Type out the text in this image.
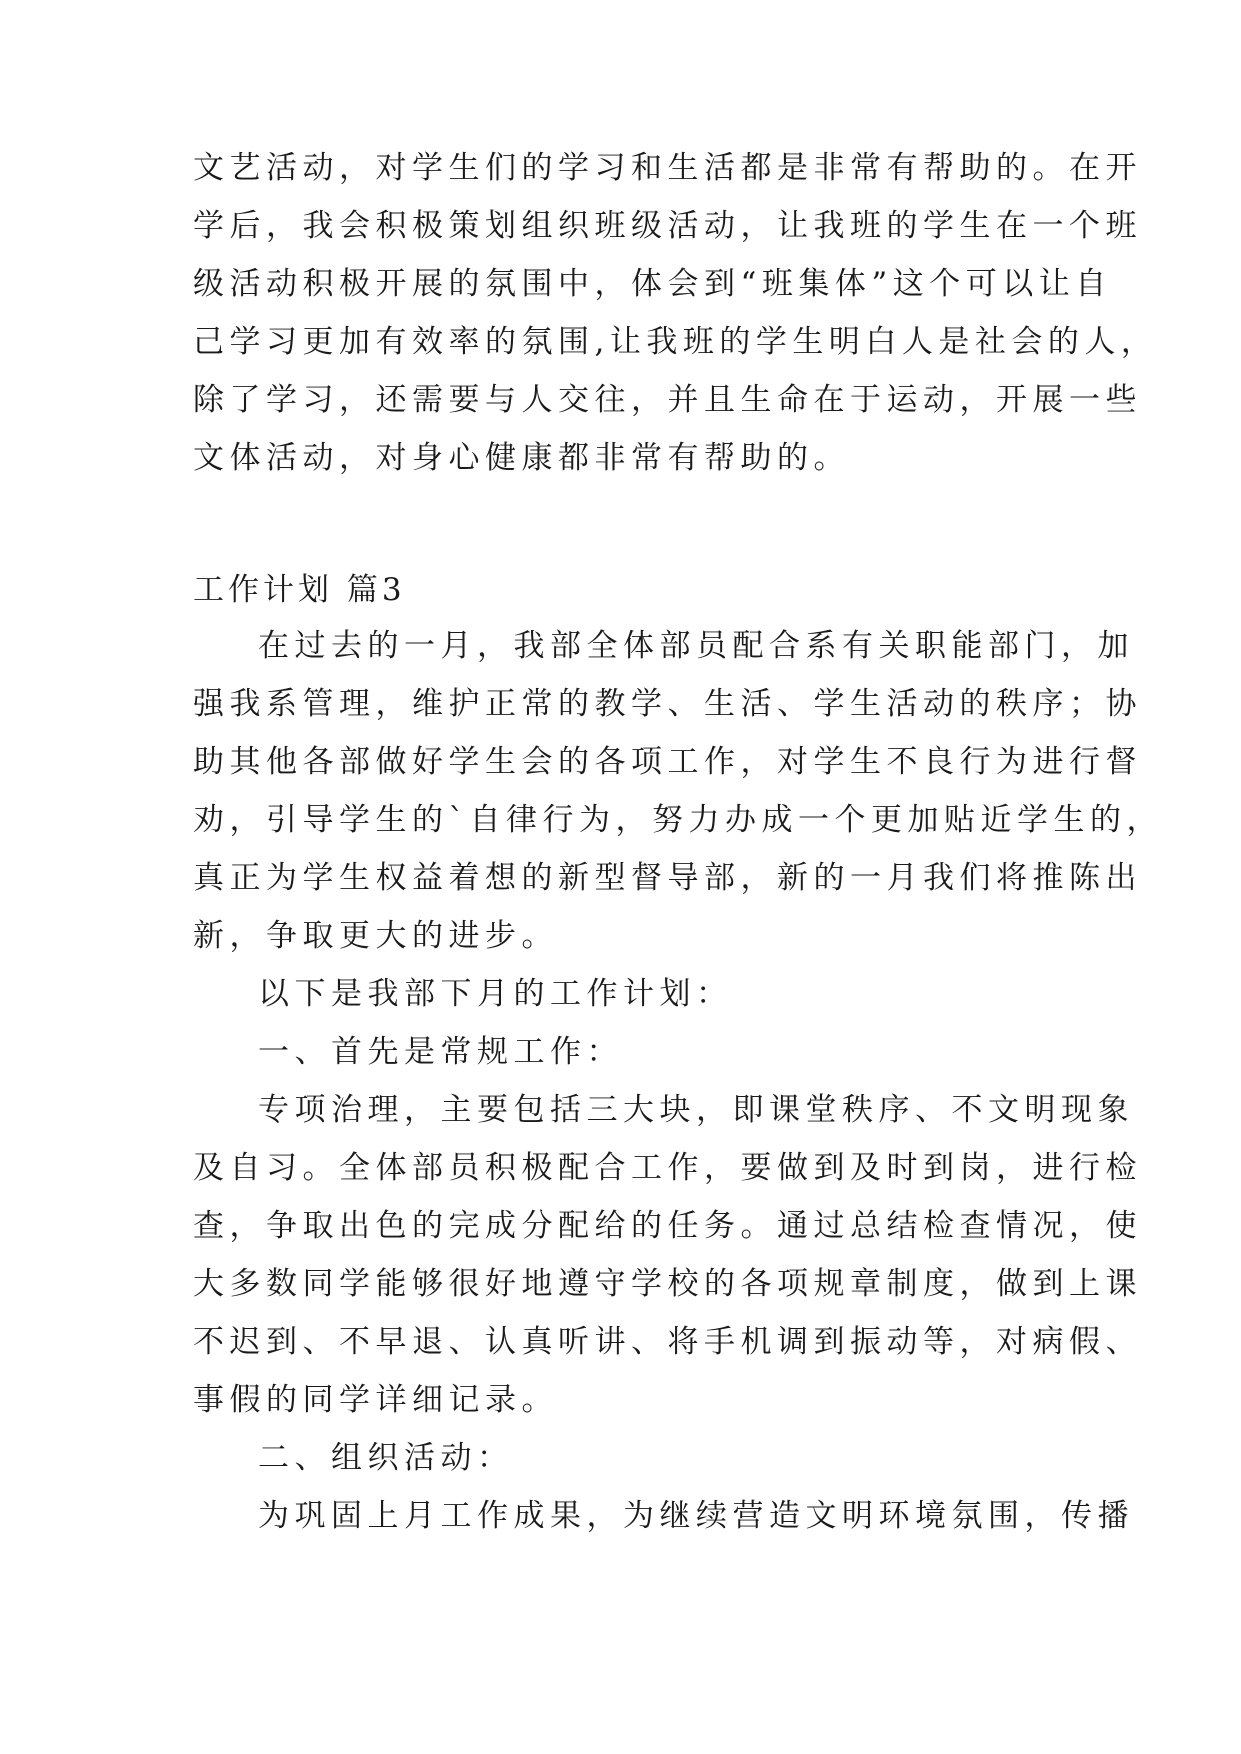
文艺活动，对学生们的学习和生活都是非常有帮助的。在开

学后，我会积极策划组织班级活动，让我班的学生在一个班

级活动积极开展的氛围中，体会到“班集体”这个可以让自

己学习更加有效率的氛围,让我班的学生明白人是社会的人，

除了学习，还需要与人交往，并且生命在于运动，开展一些

文体活动，对身心健康都非常有帮助的。

工作计划 篇3

在过去的一月，我部全体部员配合系有关职能部门，加

强我系管理，维护正常的教学、生活、学生活动的秩序；协

助其他各部做好学生会的各项工作，对学生不良行为进行督

劝，引导学生的`自律行为，努力办成一个更加贴近学生的，

真正为学生权益着想的新型督导部，新的一月我们将推陈出

新，争取更大的进步。

以下是我部下月的工作计划：

一、首先是常规工作：

专项治理，主要包括三大块，即课堂秩序、不文明现象

及自习。全体部员积极配合工作，要做到及时到岗，进行检

查，争取出色的完成分配给的任务。通过总结检查情况，使

大多数同学能够很好地遵守学校的各项规章制度，做到上课

不迟到、不早退、认真听讲、将手机调到振动等，对病假、

事假的同学详细记录。

二、组织活动：

为巩固上月工作成果，为继续营造文明环境氛围，传播
